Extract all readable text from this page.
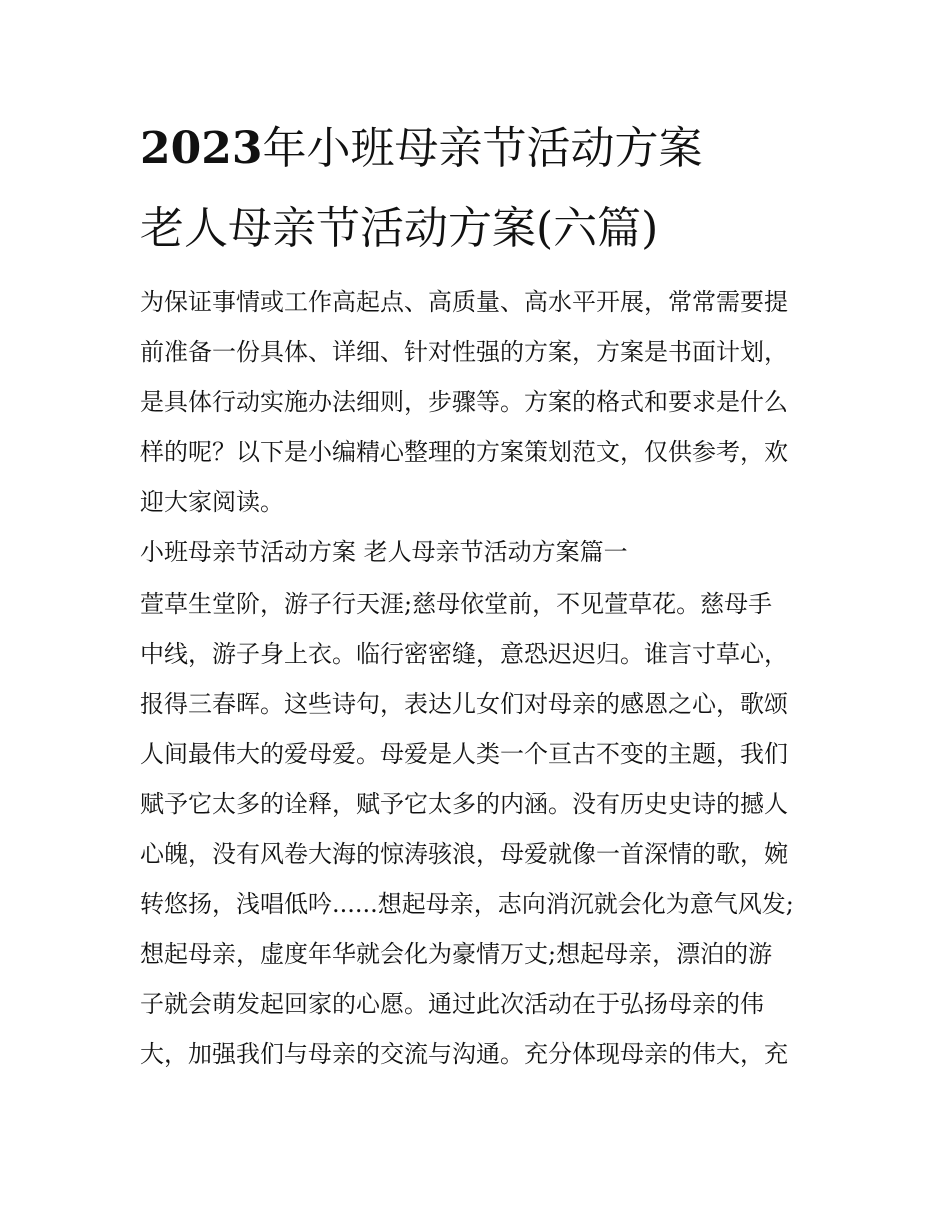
2023年小班母亲节活动方案
老人母亲节活动方案(六篇)
为保证事情或工作高起点、高质量、高水平开展，常常需要提
前准备一份具体、详细、针对性强的方案，方案是书面计划，
是具体行动实施办法细则，步骤等。方案的格式和要求是什么
样的呢？以下是小编精心整理的方案策划范文，仅供参考，欢
迎大家阅读。
小班母亲节活动方案 老人母亲节活动方案篇一
萱草生堂阶，游子行天涯;慈母依堂前，不见萱草花。慈母手
中线，游子身上衣。临行密密缝，意恐迟迟归。谁言寸草心，
报得三春晖。这些诗句，表达儿女们对母亲的感恩之心，歌颂
人间最伟大的爱母爱。母爱是人类一个亘古不变的主题，我们
赋予它太多的诠释，赋予它太多的内涵。没有历史史诗的撼人
心魄，没有风卷大海的惊涛骇浪，母爱就像一首深情的歌，婉
转悠扬，浅唱低吟......想起母亲，志向消沉就会化为意气风发;
想起母亲，虚度年华就会化为豪情万丈;想起母亲，漂泊的游
子就会萌发起回家的心愿。通过此次活动在于弘扬母亲的伟
大，加强我们与母亲的交流与沟通。充分体现母亲的伟大，充
